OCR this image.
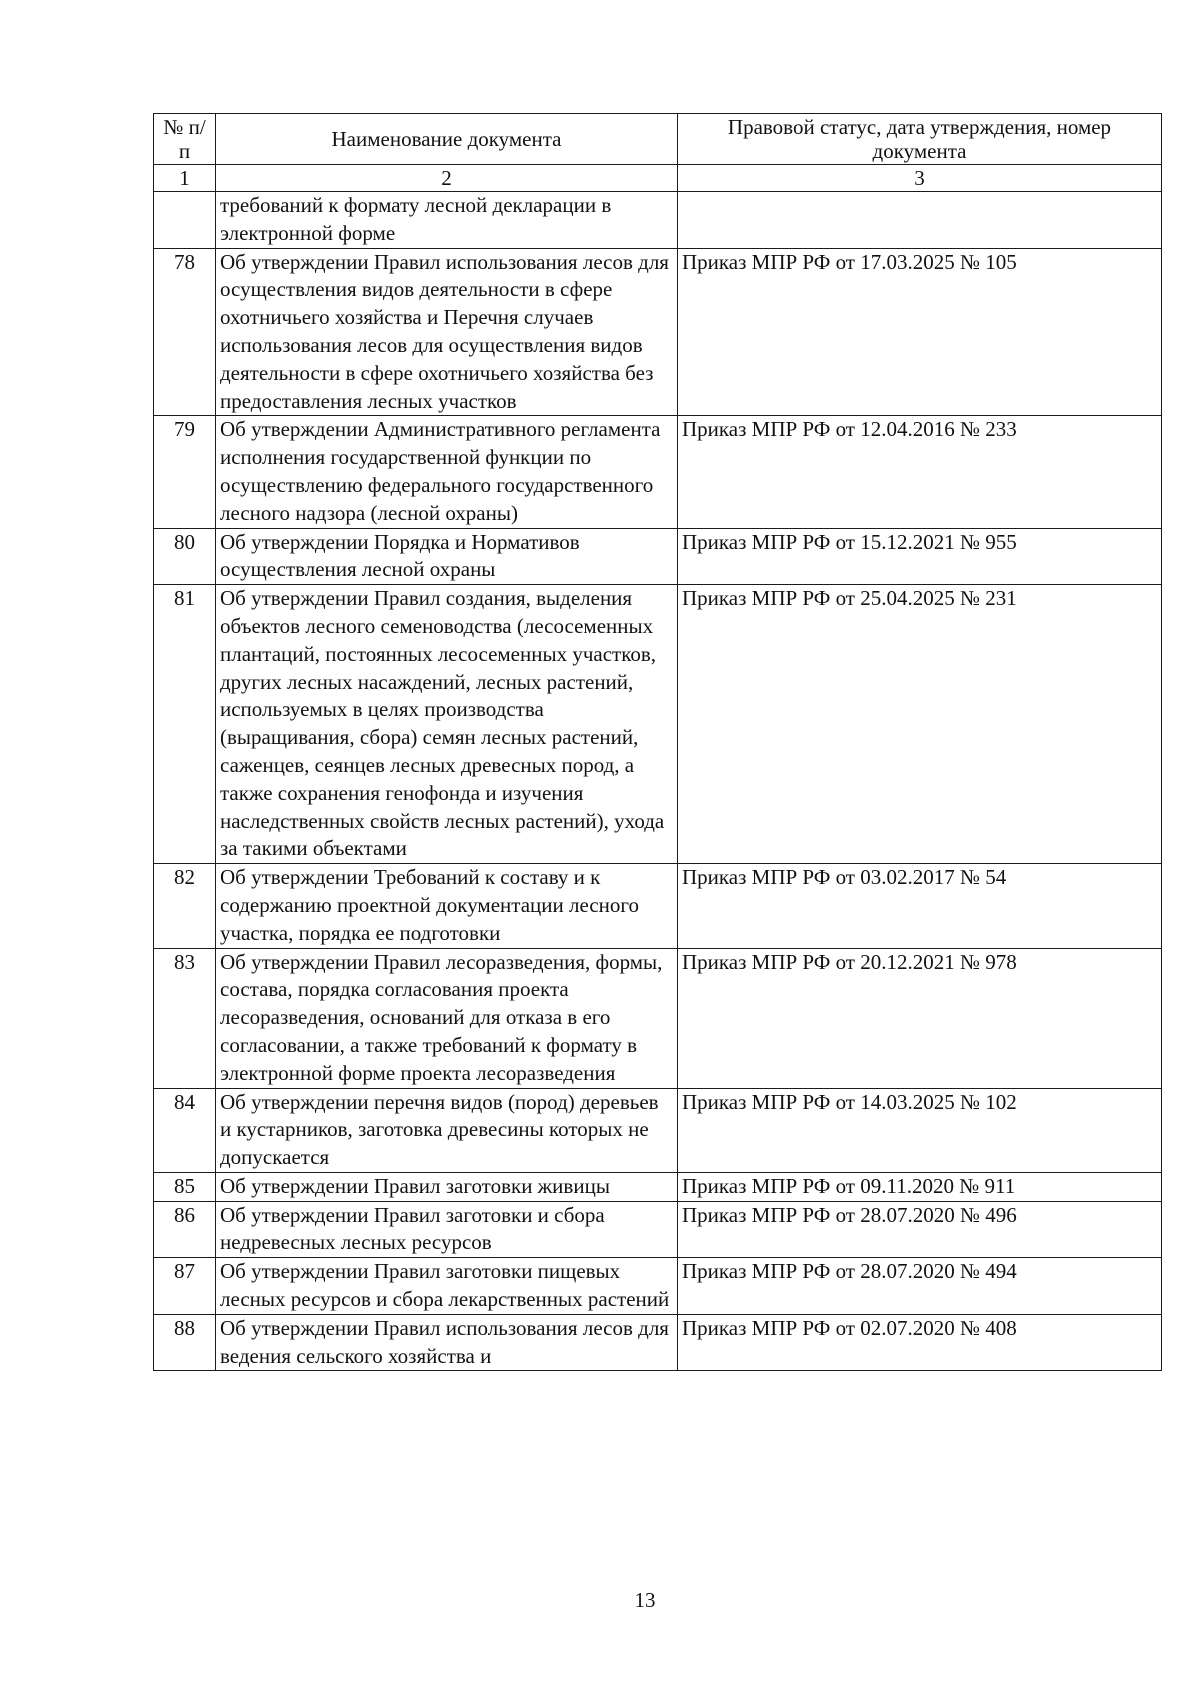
№ п/п	Наименование документа	Правовой статус, дата утверждения, номер документа
1	2	3
	требований к формату лесной декларации в электронной форме	
78	Об утверждении Правил использования лесов для осуществления видов деятельности в сфере охотничьего хозяйства и Перечня случаев использования лесов для осуществления видов деятельности в сфере охотничьего хозяйства без предоставления лесных участков	Приказ МПР РФ от 17.03.2025 № 105
79	Об утверждении Административного регламента исполнения государственной функции по осуществлению федерального государственного лесного надзора (лесной охраны)	Приказ МПР РФ от 12.04.2016 № 233
80	Об утверждении Порядка и Нормативов осуществления лесной охраны	Приказ МПР РФ от 15.12.2021 № 955
81	Об утверждении Правил создания, выделения объектов лесного семеноводства (лесосеменных плантаций, постоянных лесосеменных участков, других лесных насаждений, лесных растений, используемых в целях производства (выращивания, сбора) семян лесных растений, саженцев, сеянцев лесных древесных пород, а также сохранения генофонда и изучения наследственных свойств лесных растений), ухода за такими объектами	Приказ МПР РФ от 25.04.2025 № 231
82	Об утверждении Требований к составу и к содержанию проектной документации лесного участка, порядка ее подготовки	Приказ МПР РФ от 03.02.2017 № 54
83	Об утверждении Правил лесоразведения, формы, состава, порядка согласования проекта лесоразведения, оснований для отказа в его согласовании, а также требований к формату в электронной форме проекта лесоразведения	Приказ МПР РФ от 20.12.2021 № 978
84	Об утверждении перечня видов (пород) деревьев и кустарников, заготовка древесины которых не допускается	Приказ МПР РФ от 14.03.2025 № 102
85	Об утверждении Правил заготовки живицы	Приказ МПР РФ от 09.11.2020 № 911
86	Об утверждении Правил заготовки и сбора недревесных лесных ресурсов	Приказ МПР РФ от 28.07.2020 № 496
87	Об утверждении Правил заготовки пищевых лесных ресурсов и сбора лекарственных растений	Приказ МПР РФ от 28.07.2020 № 494
88	Об утверждении Правил использования лесов для ведения сельского хозяйства и	Приказ МПР РФ от 02.07.2020 № 408
13
